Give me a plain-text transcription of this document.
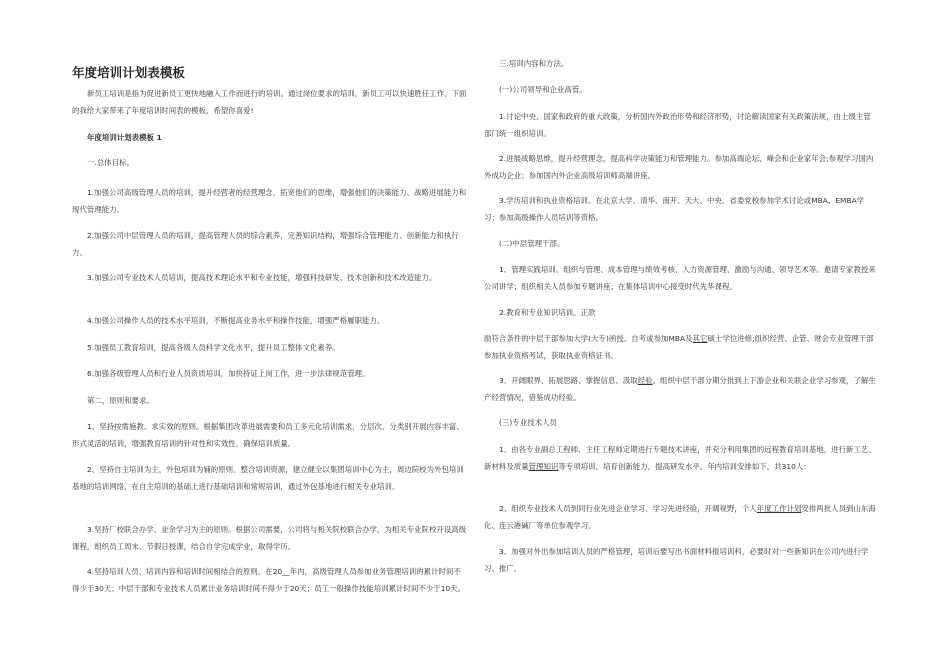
年度培训计划表模板
新员工培训是指为促进新员工更快地融入工作而进行的培训。通过岗位要求的培训，新员工可以快速胜任工作。下面的我给大家带来了年度培训时间表的模板，希望你喜爱!
年度培训计划表模板 1
一.总体目标。
1.加强公司高级管理人员的培训，提升经营者的经营理念，拓宽他们的思维，增强他们的决策能力、战略进展能力和现代管理能力。
2.加强公司中层管理人员的培训，提高管理人员的综合素养，完善知识结构，增强综合管理能力、创新能力和执行力。
3.加强公司专业技术人员培训，提高技术理论水平和专业技能，增强科技研发、技术创新和技术改造能力。
4.加强公司操作人员的技术水平培训，不断提高业务水平和操作技能，增强严格履职能力。
5.加强员工教育培训，提高各级人员科学文化水平，提升员工整体文化素养。
6.加强各级管理人员和行业人员资质培训，加快持证上岗工作，进一步法律规范管理。
第二，原则和要求。
1、坚持按需施教、求实效的原则。根据集团改革进展需要和员工多元化培训需求，分层次、分类别开展内容丰富、形式灵活的培训，增强教育培训的针对性和实效性，确保培训质量。
2、坚持自主培训为主，外包培训为辅的原则。整合培训资源，建立健全以集团培训中心为主，周边院校为外包培训基地的培训网络，在自主培训的基础上进行基础培训和常规培训，通过外包基地进行相关专业培训。
3.坚持厂校联合办学、业余学习为主的原则。根据公司需要，公司将与相关院校联合办学，为相关专业院校开设高级课程，组织员工周末、节假日授课，结合自学完成学业，取得学历。
4.坚持培训人员、培训内容和培训时间相结合的原则。在20__年内，高级管理人员参加业务管理培训的累计时间不得少于30天；中层干部和专业技术人员累计业务培训时间不得少于20天；员工一般操作技能培训累计时间不少于10天。
三.培训内容和方法。
(一)公司领导和企业高管。
1.讨论中央、国家和政府的重大政策，分析国内外政治形势和经济形势，讨论解读国家有关政策法规，由上级主管部门统一组织培训。
2.进展战略思维，提升经营理念，提高科学决策能力和管理能力。参加高端论坛、峰会和企业家年会;参观学习国内外成功企业；参加国内外企业高级培训师高端讲座。
3.学历培训和执业资格培训。在北京大学、清华、南开、天大、中央、省委党校参加学术讨论或MBA、EMBA学习；参加高级操作人员培训等资格。
(二)中层管理干部。
1、管理实践培训。组织与管理、成本管理与绩效考核、人力资源管理、激励与沟通、领导艺术等。邀请专家教授来公司讲学；组织相关人员参加专题讲座；在集体培训中心接受时代先华课程。
2.教育和专业知识培训。正款
励符合条件的中层干部参加大学(大专)函授、自考或参加MBA及其它硕士学位进修;组织经营、企管、财会专业管理干部参加执业资格考试，获取执业资格证书。
3、开阔眼界、拓展思路、掌握信息、汲取经验。组织中层干部分期分批到上下游企业和关联企业学习参观，了解生产经营情况，借鉴成功经验。
(三)专业技术人员
1、由各专业副总工程师、主任工程师定期进行专题技术讲座，并充分利用集团的远程教育培训基地，进行新工艺、新材料及质量管理知识等专项培训，培育创新能力，提高研发水平。年内培训安排如下，共310人：
2、组织专业技术人员到同行业先进企业学习、学习先进经验，开阔视野，个人年度工作计划安排两批人员到山东海化、连云港碱厂等单位参观学习。
3、加强对外出参加培训人员的严格管理，培训后要写出书面材料报培训科，必要时对一些新知识在公司内进行学习、推广。
